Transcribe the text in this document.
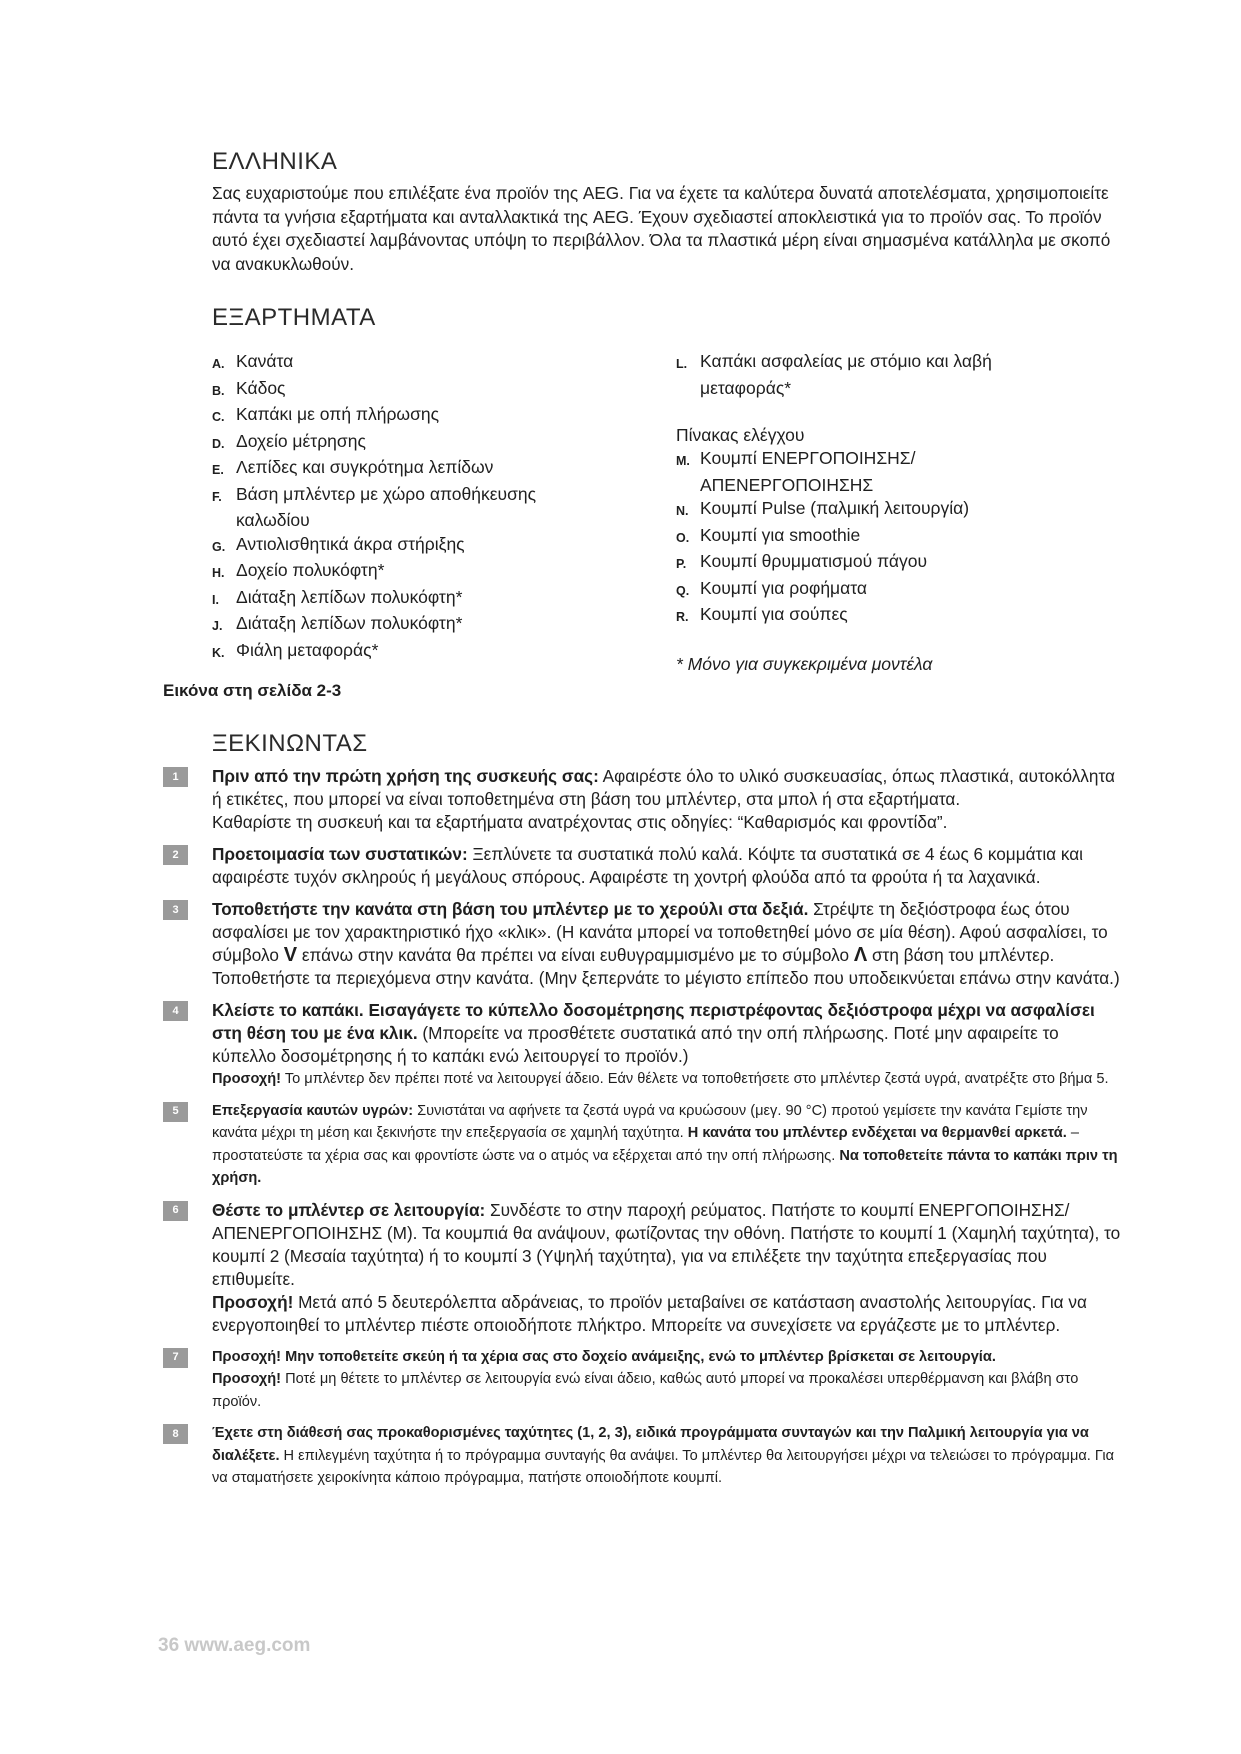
ΕΛΛΗΝΙΚΑ
Σας ευχαριστούμε που επιλέξατε ένα προϊόν της AEG. Για να έχετε τα καλύτερα δυνατά αποτελέσματα, χρησιμοποιείτε πάντα τα γνήσια εξαρτήματα και ανταλλακτικά της AEG. Έχουν σχεδιαστεί αποκλειστικά για το προϊόν σας. Το προϊόν αυτό έχει σχεδιαστεί λαμβάνοντας υπόψη το περιβάλλον. Όλα τα πλαστικά μέρη είναι σημασμένα κατάλληλα με σκοπό να ανακυκλωθούν.
ΕΞΑΡΤΗΜΑΤΑ
A. Κανάτα
B. Κάδος
C. Καπάκι με οπή πλήρωσης
D. Δοχείο μέτρησης
E. Λεπίδες και συγκρότημα λεπίδων
F. Βάση μπλέντερ με χώρο αποθήκευσης
καλωδίου
G. Αντιολισθητικά άκρα στήριξης
H. Δοχείο πολυκόφτη*
I. Διάταξη λεπίδων πολυκόφτη*
J. Διάταξη λεπίδων πολυκόφτη*
K. Φιάλη μεταφοράς*
L. Καπάκι ασφαλείας με στόμιο και λαβή
μεταφοράς*
Πίνακας ελέγχου
M. Κουμπί ΕΝΕΡΓΟΠΟΙΗΣΗΣ/
ΑΠΕΝΕΡΓΟΠΟΙΗΣΗΣ
N. Κουμπί Pulse (παλμική λειτουργία)
O. Κουμπί για smoothie
P. Κουμπί θρυμματισμού πάγου
Q. Κουμπί για ροφήματα
R. Κουμπί για σούπες
* Μόνο για συγκεκριμένα μοντέλα
Εικόνα στη σελίδα 2-3
ΞΕΚΙΝΩΝΤΑΣ
1	Πριν από την πρώτη χρήση της συσκευής σας: Αφαιρέστε όλο το υλικό συσκευασίας, όπως πλαστικά, αυτοκόλλητα ή ετικέτες, που μπορεί να είναι τοποθετημένα στη βάση του μπλέντερ, στα μπολ ή στα εξαρτήματα.
Καθαρίστε τη συσκευή και τα εξαρτήματα ανατρέχοντας στις οδηγίες: “Καθαρισμός και φροντίδα”.
2	Προετοιμασία των συστατικών: Ξεπλύνετε τα συστατικά πολύ καλά. Κόψτε τα συστατικά σε 4 έως 6 κομμάτια και αφαιρέστε τυχόν σκληρούς ή μεγάλους σπόρους. Αφαιρέστε τη χοντρή φλούδα από τα φρούτα ή τα λαχανικά.
3	Τοποθετήστε την κανάτα στη βάση του μπλέντερ με το χερούλι στα δεξιά. Στρέψτε τη δεξιόστροφα έως ότου ασφαλίσει με τον χαρακτηριστικό ήχο «κλικ». (Η κανάτα μπορεί να τοποθετηθεί μόνο σε μία θέση). Αφού ασφαλίσει, το σύμβολο V επάνω στην κανάτα θα πρέπει να είναι ευθυγραμμισμένο με το σύμβολο Λ στη βάση του μπλέντερ. Τοποθετήστε τα περιεχόμενα στην κανάτα. (Μην ξεπερνάτε το μέγιστο επίπεδο που υποδεικνύεται επάνω στην κανάτα.)
4	Κλείστε το καπάκι. Εισαγάγετε το κύπελλο δοσομέτρησης περιστρέφοντας δεξιόστροφα μέχρι να ασφαλίσει στη θέση του με ένα κλικ. (Μπορείτε να προσθέτετε συστατικά από την οπή πλήρωσης. Ποτέ μην αφαιρείτε το κύπελλο δοσομέτρησης ή το καπάκι ενώ λειτουργεί το προϊόν.)
Προσοχή! Το μπλέντερ δεν πρέπει ποτέ να λειτουργεί άδειο. Εάν θέλετε να τοποθετήσετε στο μπλέντερ ζεστά υγρά, ανατρέξτε στο βήμα 5.
5	Επεξεργασία καυτών υγρών: Συνιστάται να αφήνετε τα ζεστά υγρά να κρυώσουν (μεγ. 90 °C) προτού γεμίσετε την κανάτα Γεμίστε την κανάτα μέχρι τη μέση και ξεκινήστε την επεξεργασία σε χαμηλή ταχύτητα. Η κανάτα του μπλέντερ ενδέχεται να θερμανθεί αρκετά. – προστατεύστε τα χέρια σας και φροντίστε ώστε να ο ατμός να εξέρχεται από την οπή πλήρωσης. Να τοποθετείτε πάντα το καπάκι πριν τη χρήση.
6	Θέστε το μπλέντερ σε λειτουργία: Συνδέστε το στην παροχή ρεύματος. Πατήστε το κουμπί ΕΝΕΡΓΟΠΟΙΗΣΗΣ/ΑΠΕΝΕΡΓΟΠΟΙΗΣΗΣ (M). Τα κουμπιά θα ανάψουν, φωτίζοντας την οθόνη. Πατήστε το κουμπί 1 (Χαμηλή ταχύτητα), το κουμπί 2 (Μεσαία ταχύτητα) ή το κουμπί 3 (Υψηλή ταχύτητα), για να επιλέξετε την ταχύτητα επεξεργασίας που επιθυμείτε.
Προσοχή! Μετά από 5 δευτερόλεπτα αδράνειας, το προϊόν μεταβαίνει σε κατάσταση αναστολής λειτουργίας. Για να ενεργοποιηθεί το μπλέντερ πιέστε οποιοδήποτε πλήκτρο. Μπορείτε να συνεχίσετε να εργάζεστε με το μπλέντερ.
7	Προσοχή! Μην τοποθετείτε σκεύη ή τα χέρια σας στο δοχείο ανάμειξης, ενώ το μπλέντερ βρίσκεται σε λειτουργία.
Προσοχή! Ποτέ μη θέτετε το μπλέντερ σε λειτουργία ενώ είναι άδειο, καθώς αυτό μπορεί να προκαλέσει υπερθέρμανση και βλάβη στο προϊόν.
8	Έχετε στη διάθεσή σας προκαθορισμένες ταχύτητες (1, 2, 3), ειδικά προγράμματα συνταγών και την Παλμική λειτουργία για να διαλέξετε. Η επιλεγμένη ταχύτητα ή το πρόγραμμα συνταγής θα ανάψει. Το μπλέντερ θα λειτουργήσει μέχρι να τελειώσει το πρόγραμμα. Για να σταματήσετε χειροκίνητα κάποιο πρόγραμμα, πατήστε οποιοδήποτε κουμπί.
36 www.aeg.com
